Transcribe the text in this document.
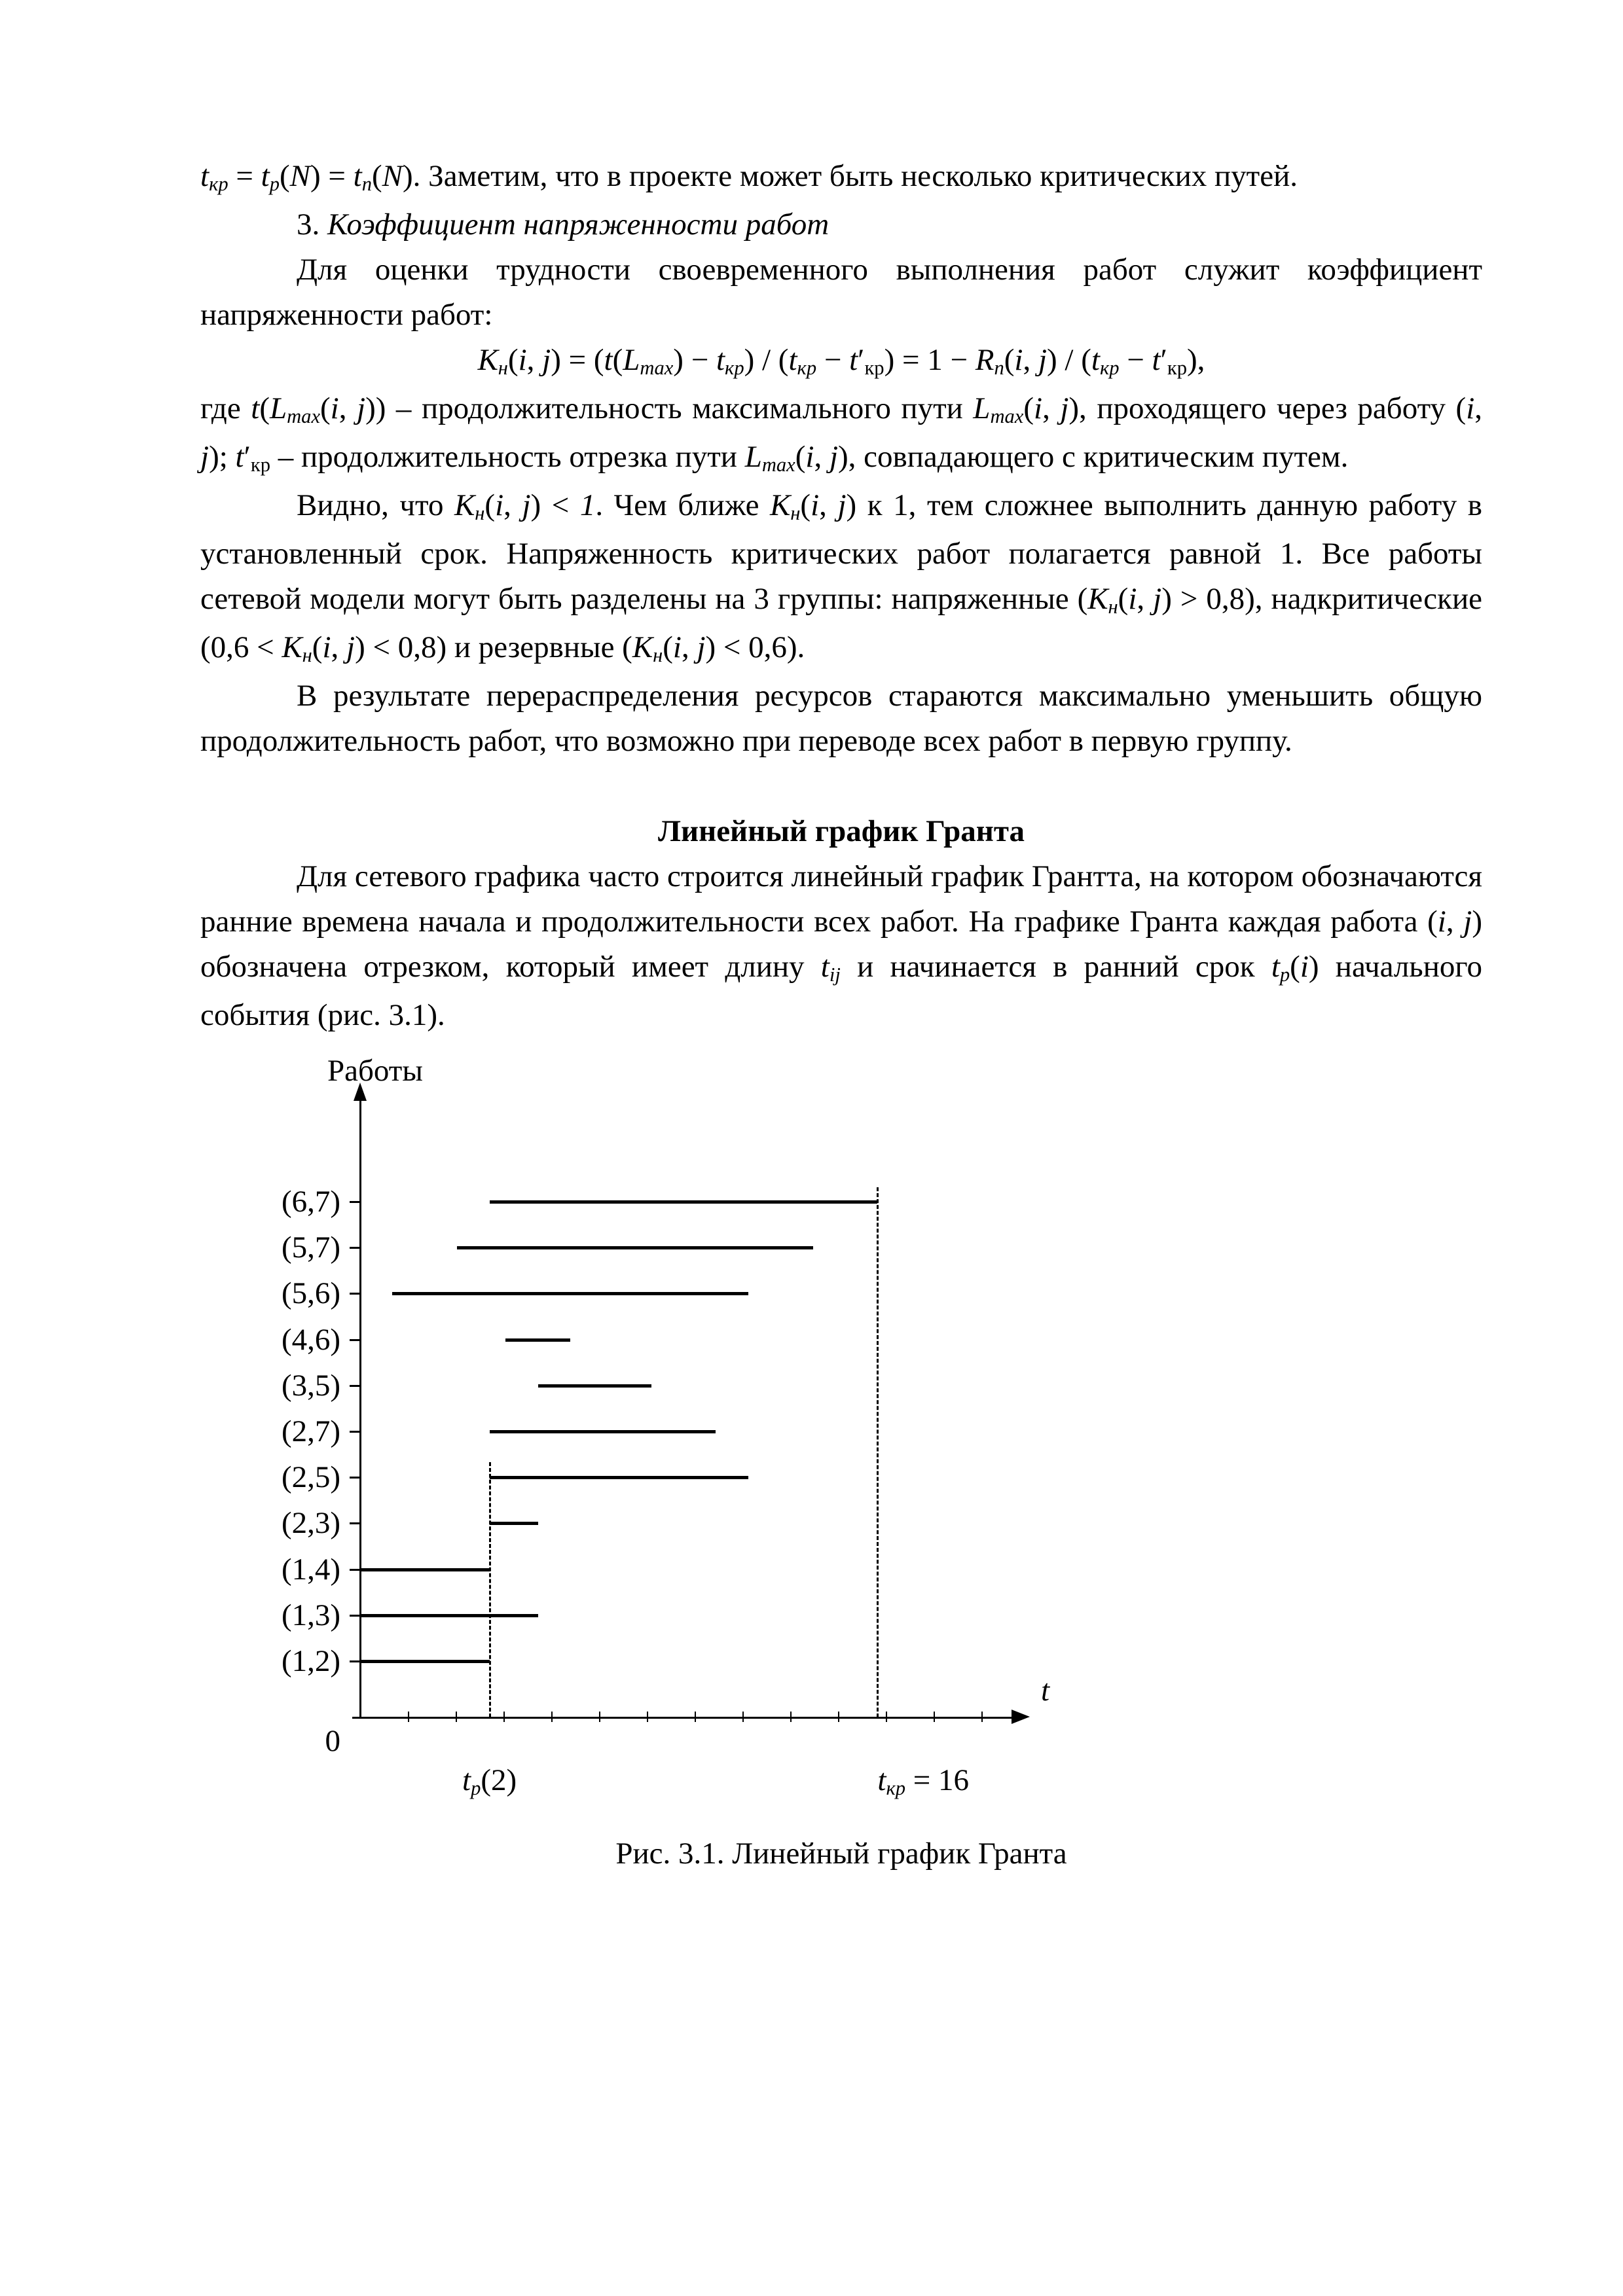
tкр = tр(N) = tп(N). Заметим, что в проекте может быть несколько критических путей.

3. Коэффициент напряженности работ

Для оценки трудности своевременного выполнения работ служит коэффициент напряженности работ:

Кн(i, j) = (t(Lmax) − tкр) / (tкр − t′кр) = 1 − Rп(i, j) / (tкр − t′кр),

где t(Lmax(i, j)) – продолжительность максимального пути Lmax(i, j), проходящего через работу (i, j); t′кр – продолжительность отрезка пути Lmax(i, j), совпадающего с критическим путем.

Видно, что Кн(i, j) < 1. Чем ближе Кн(i, j) к 1, тем сложнее выполнить данную работу в установленный срок. Напряженность критических работ полагается равной 1. Все работы сетевой модели могут быть разделены на 3 группы: напряженные (Кн(i, j) > 0,8), надкритические (0,6 < Кн(i, j) < 0,8) и резервные (Кн(i, j) < 0,6).

В результате перераспределения ресурсов стараются максимально уменьшить общую продолжительность работ, что возможно при переводе всех работ в первую группу.

Линейный график Гранта

Для сетевого графика часто строится линейный график Грантта, на котором обозначаются ранние времена начала и продолжительности всех работ. На графике Гранта каждая работа (i, j) обозначена отрезком, который имеет длину tij и начинается в ранний срок tр(i) начального события (рис. 3.1).

Работы
(6,7)
(5,7)
(5,6)
(4,6)
(3,5)
(2,7)
(2,5)
(2,3)
(1,4)
(1,3)
(1,2)
tр(2)	tкр = 16
0
t

Рис. 3.1. Линейный график Гранта
